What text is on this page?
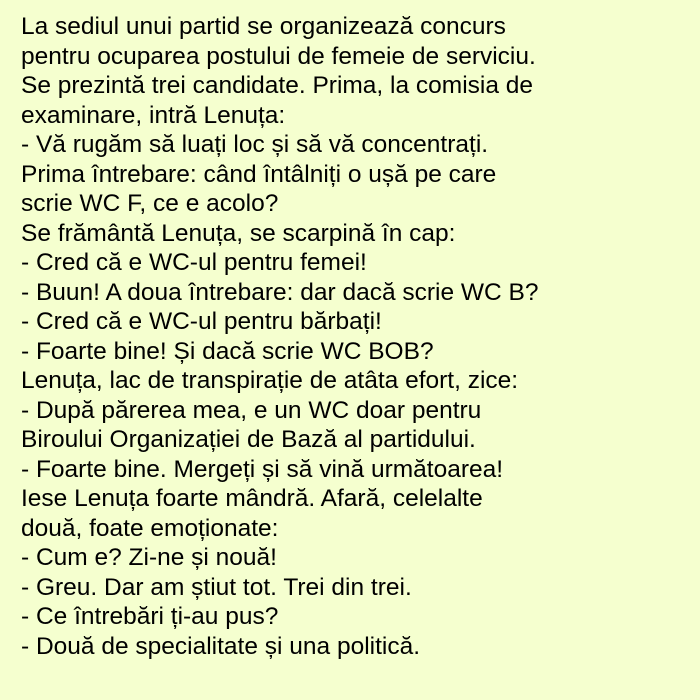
La sediul unui partid se organizează concurs
pentru ocuparea postului de femeie de serviciu.
Se prezintă trei candidate. Prima, la comisia de
examinare, intră Lenuța:
- Vă rugăm să luați loc și să vă concentrați.
Prima întrebare: când întâlniți o ușă pe care
scrie WC F, ce e acolo?
Se frământă Lenuța, se scarpină în cap:
- Cred că e WC-ul pentru femei!
- Buun! A doua întrebare: dar dacă scrie WC B?
- Cred că e WC-ul pentru bărbați!
- Foarte bine! Și dacă scrie WC BOB?
Lenuța, lac de transpirație de atâta efort, zice:
- După părerea mea, e un WC doar pentru
Biroului Organizației de Bază al partidului.
- Foarte bine. Mergeți și să vină următoarea!
Iese Lenuța foarte mândră. Afară, celelalte
două, foate emoționate:
- Cum e? Zi-ne și nouă!
- Greu. Dar am știut tot. Trei din trei.
- Ce întrebări ți-au pus?
- Două de specialitate și una politică.
